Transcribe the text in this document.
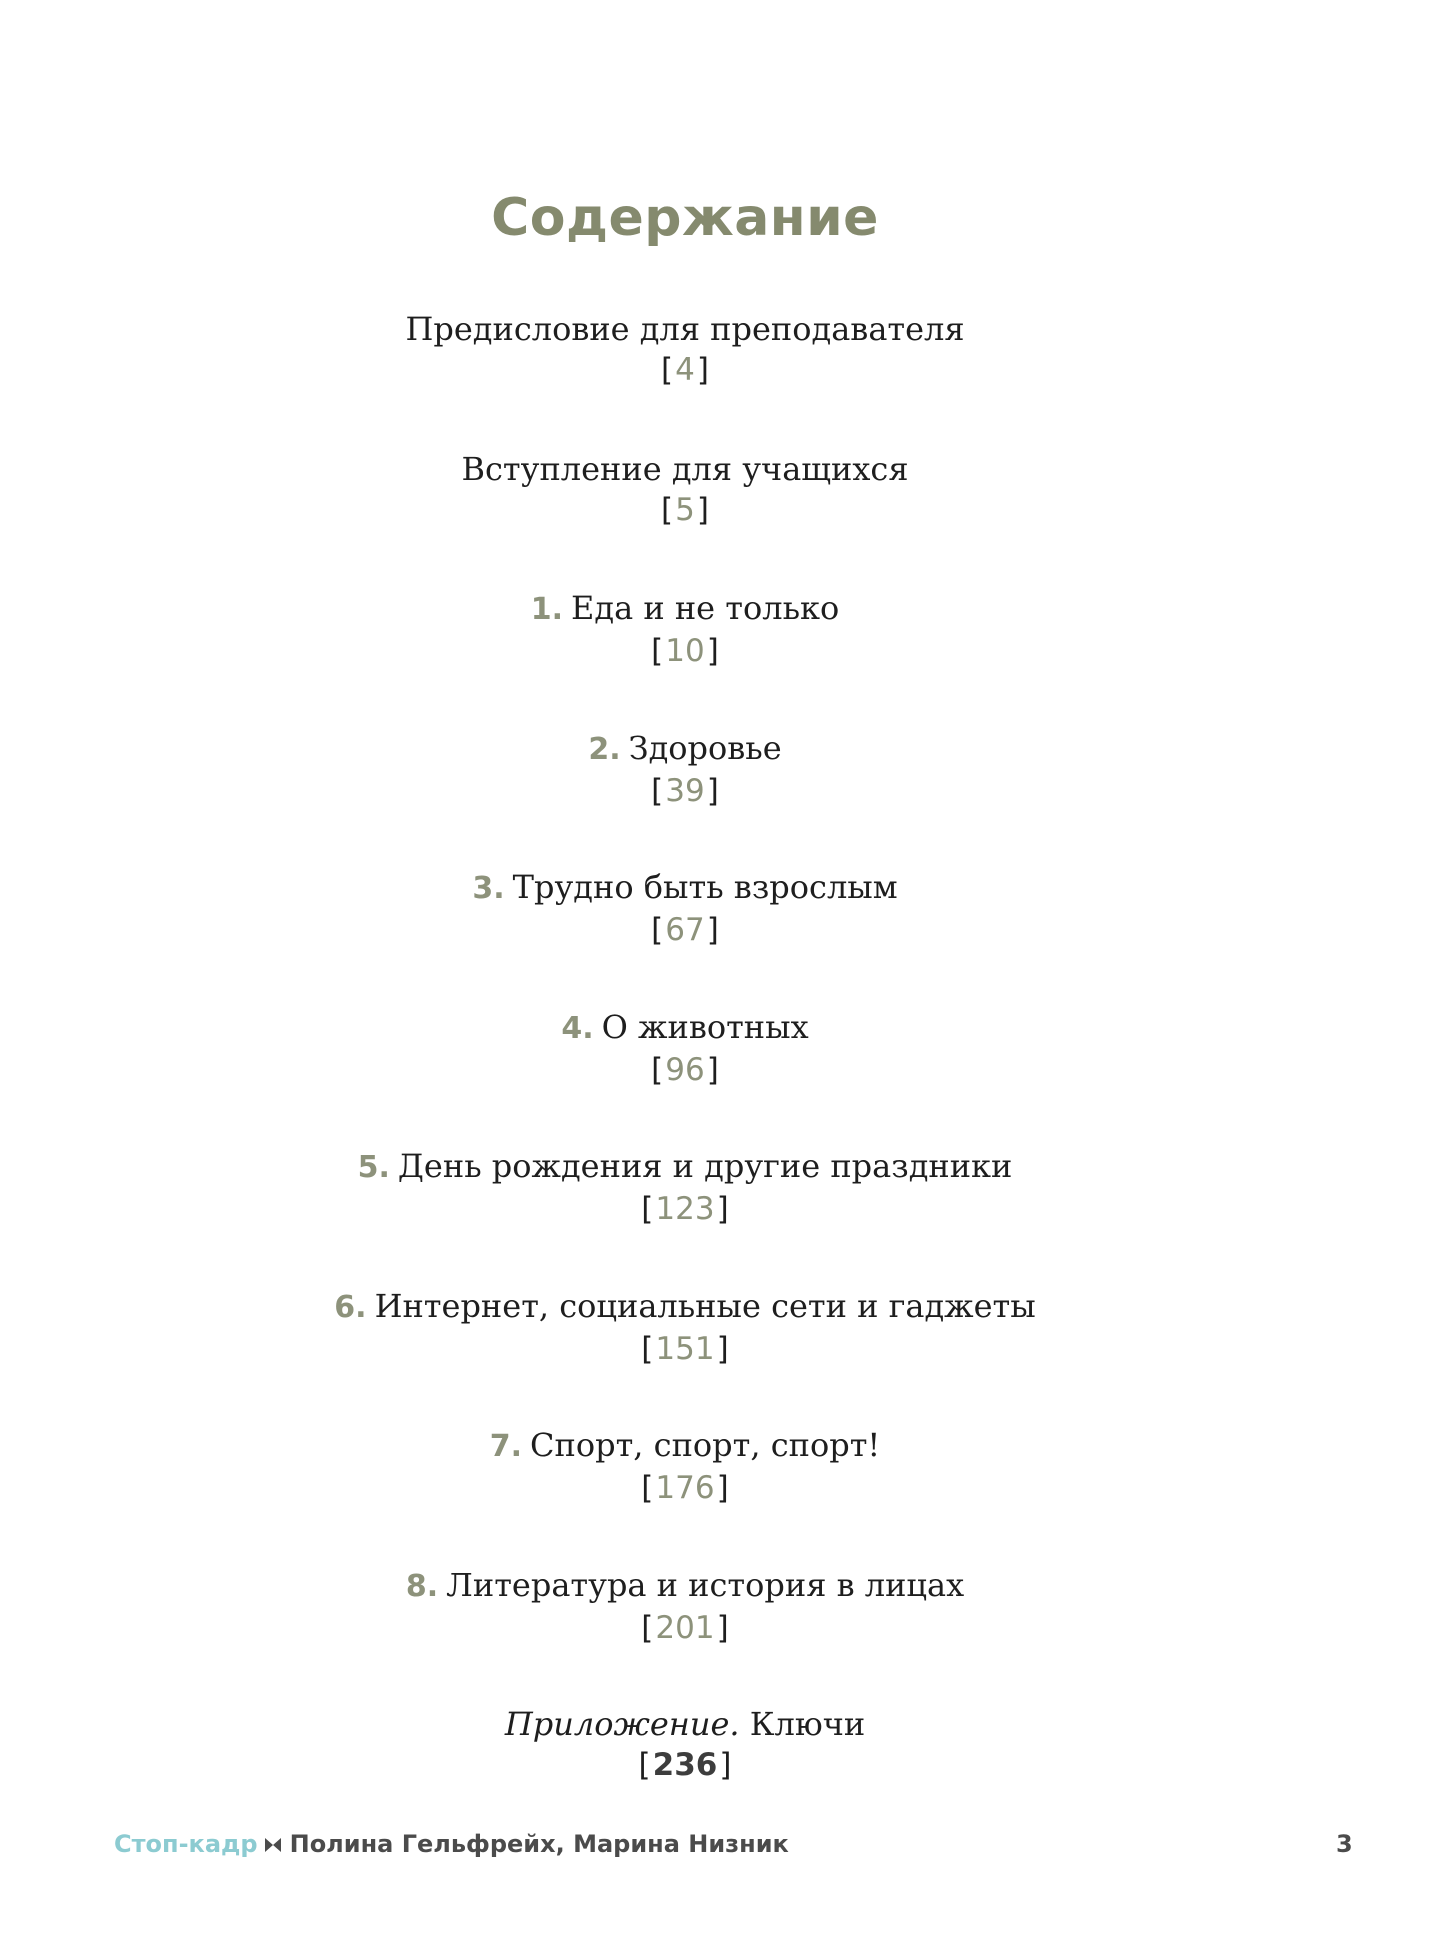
Содержание
Предисловие для преподавателя
[4]
Вступление для учащихся
[5]
1. Еда и не только
[10]
2. Здоровье
[39]
3. Трудно быть взрослым
[67]
4. О животных
[96]
5. День рождения и другие праздники
[123]
6. Интернет, социальные сети и гаджеты
[151]
7. Спорт, спорт, спорт!
[176]
8. Литература и история в лицах
[201]
Приложение. Ключи
[236]
Стоп-кадр Полина Гельфрейх, Марина Низник	3
